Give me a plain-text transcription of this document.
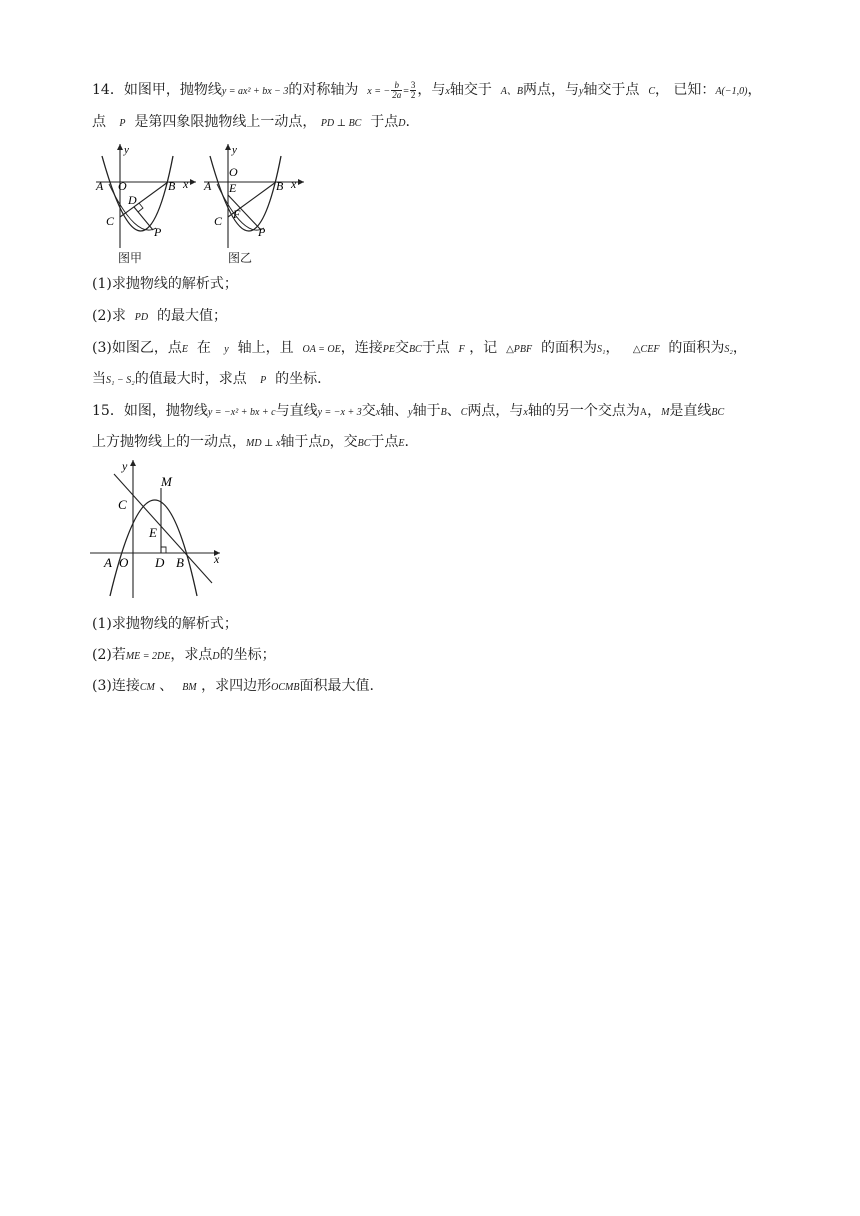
14．如图甲，抛物线y = ax² + bx − 3的对称轴为 x = − $\frac{b}{2a} = \frac{3}{2}$ ，与x轴交于 A、B两点，与y轴交于点 C， 已知：A(−1,0)，
点 P 是第四象限抛物线上一动点， PD ⊥ BC 于点D.
y
x
A O	B
C
D
P
图甲
y
x
A
O
E	B
C F
P
图乙
(1)求抛物线的解析式；
(2)求 PD 的最大值；
(3)如图乙，点E 在 y 轴上，且 OA = OE，连接PE交BC于点 F ，记 △PBF 的面积为S₁， △CEF 的面积为S₂，
当S₁ − S₂的值最大时，求点 P 的坐标.
15．如图，抛物线y = −x² + bx + c与直线y = −x + 3交x轴、y轴于B、C两点，与x轴的另一个交点为A，M是直线BC
上方抛物线上的一动点，MD ⊥ x轴于点D，交BC于点E.
y
x
A O D B
C
E
M
(1)求抛物线的解析式；
(2)若ME = 2DE，求点D的坐标；
(3)连接CM 、 BM ，求四边形OCMB面积最大值.
